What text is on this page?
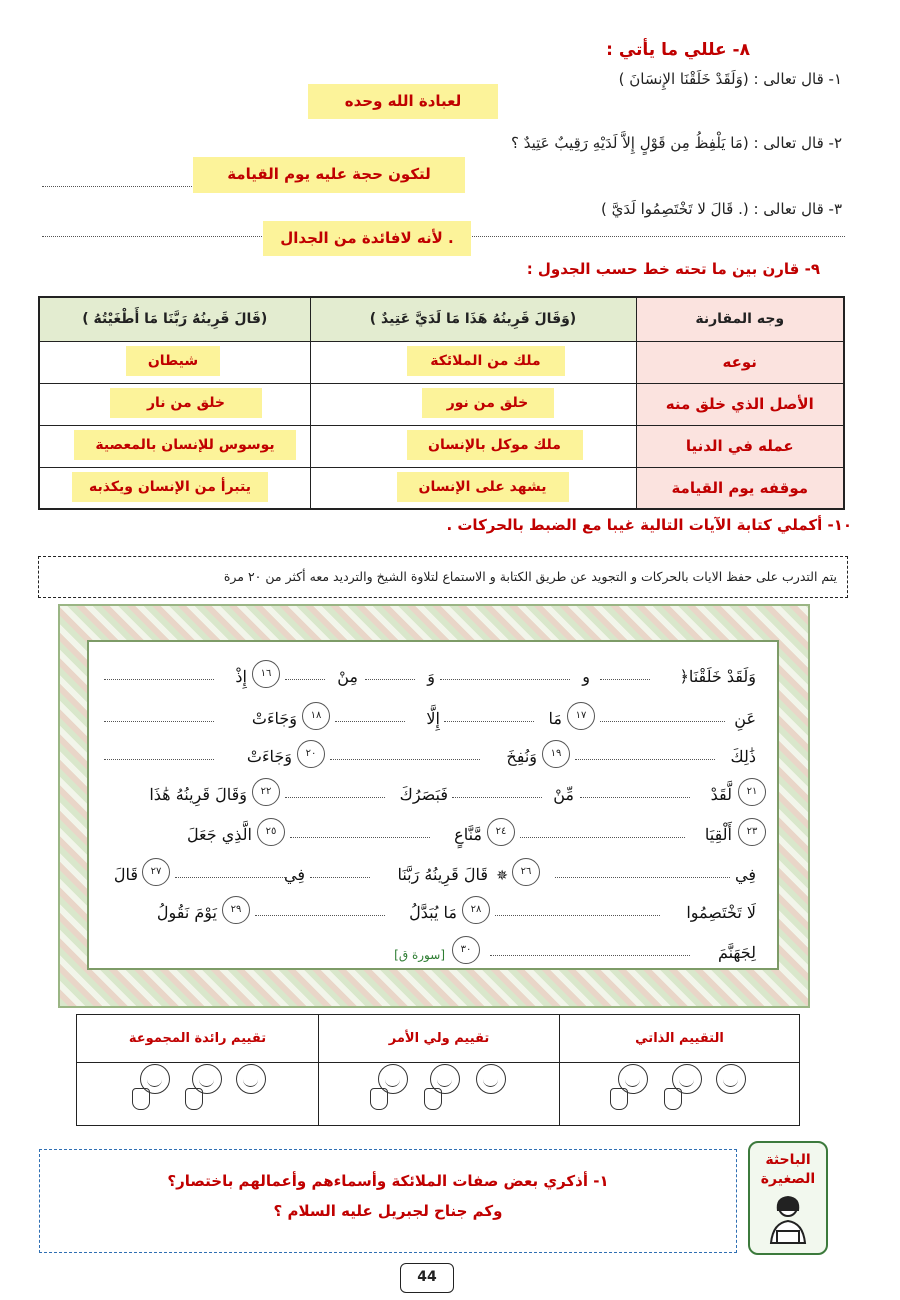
٨- عللي ما يأتي :
١- قال تعالى : (وَلَقَدْ خَلَقْنَا الإِنسَانَ )
لعبادة الله وحده
٢- قال تعالى : (مَا يَلْفِظُ مِن قَوْلٍ إِلاَّ لَدَيْهِ رَقِيبٌ عَتِيدٌ ؟
لتكون حجة عليه يوم القيامة
٣- قال تعالى : (. قَالَ لا تَخْتَصِمُوا لَدَيَّ )
لأنه لافائدة من الجدال .
٩- قارن بين ما تحته خط حسب الجدول :
وجه المقارنة	(وَقَالَ قَرِينُهُ هَذَا مَا لَدَيَّ عَتِيدٌ )	(قَالَ قَرِينُهُ رَبَّنَا مَا أَطْغَيْتُهُ )
نوعه	ملك من الملائكة	شيطان

الأصل الذي خلق منه	خلق من نور	خلق من نار

عمله في الدنيا	ملك موكل بالإنسان	يوسوس للإنسان بالمعصية

موقفه يوم القيامة	يشهد على الإنسان	يتبرأ من الإنسان ويكذبه
١٠- أكملي كتابة الآيات التالية غيبا مع الضبط بالحركات .
يتم التدرب على حفظ الايات بالحركات و التجويد عن طريق الكتابة و الاستماع لتلاوة الشيخ والترديد معه أكثر من ٢٠ مرة
﴿وَلَقَدْ خَلَقْنَا
و
وَ
مِنْ
١٦
إِذْ
عَنِ
١٧
مَا
إِلَّا
١٨
وَجَاءَتْ
ذَٰلِكَ
١٩
وَنُفِخَ
٢٠
وَجَاءَتْ
٢١
لَّقَدْ
مِّنْ
فَبَصَرُكَ
٢٢
وَقَالَ قَرِينُهُ هَٰذَا
٢٣
أَلْقِيَا
٢٤
مَّنَّاعٍ
٢٥
الَّذِي جَعَلَ
فِي
٢٦
✵
قَالَ قَرِينُهُ رَبَّنَا
فِي
٢٧
قَالَ
لَا تَخْتَصِمُوا
٢٨
مَا يُبَدَّلُ
٢٩
يَوْمَ نَقُولُ
لِجَهَنَّمَ
٣٠
[سورة ق]
التقييم الذاتي
تقييم ولي الأمر
تقييم رائدة المجموعة
١- أذكري بعض صفات الملائكة وأسماءهم وأعمالهم باختصار؟
وكم جناح لجبريل عليه السلام ؟
الباحثة
الصغيرة
44
